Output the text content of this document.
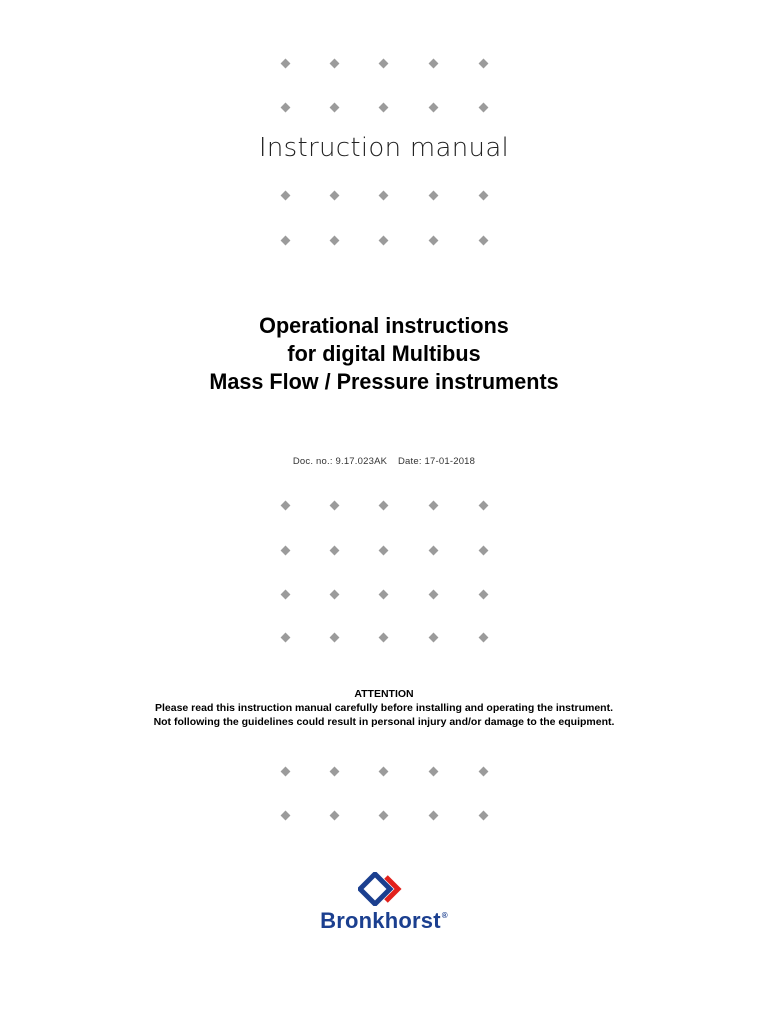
Instruction manual
Operational instructions
for digital Multibus
Mass Flow / Pressure instruments
Doc. no.: 9.17.023AK Date: 17-01-2018
ATTENTION
Please read this instruction manual carefully before installing and operating the instrument.
Not following the guidelines could result in personal injury and/or damage to the equipment.
Bronkhorst®
